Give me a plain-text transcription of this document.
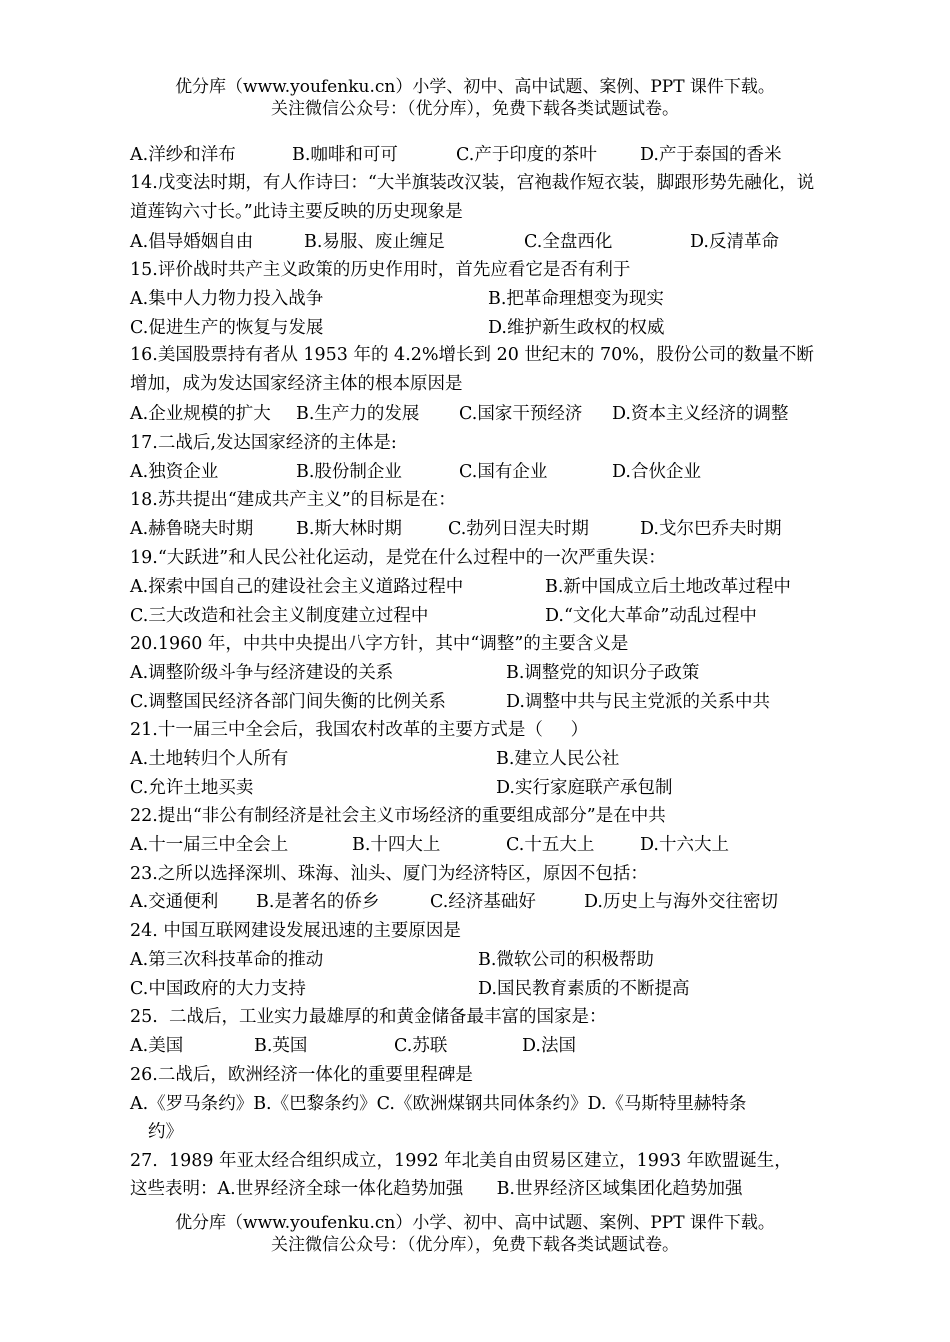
优分库（www.youfenku.cn）小学、初中、高中试题、案例、PPT 课件下载。
关注微信公众号：（优分库），免费下载各类试题试卷。
A.洋纱和洋布	B.咖啡和可可	C.产于印度的茶叶 D.产于泰国的香米
14.戊变法时期，有人作诗曰：“大半旗装改汉装，宫袍裁作短衣装，脚跟形势先融化，说道莲钩六寸长。”此诗主要反映的历史现象是
A.倡导婚姻自由	B.易服、废止缠足	C.全盘西化	D.反清革命
15.评价战时共产主义政策的历史作用时，首先应看它是否有利于
A.集中人力物力投入战争	B.把革命理想变为现实
C.促进生产的恢复与发展	D.维护新生政权的权威
16.美国股票持有者从 1953 年的 4.2%增长到 20 世纪末的 70%，股份公司的数量不断增加，成为发达国家经济主体的根本原因是
A.企业规模的扩大 B.生产力的发展 C.国家干预经济 D.资本主义经济的调整
17.二战后,发达国家经济的主体是:
A.独资企业	B.股份制企业	C.国有企业	D.合伙企业
18.苏共提出“建成共产主义”的目标是在：
A.赫鲁晓夫时期 B.斯大林时期	C.勃列日涅夫时期	D.戈尔巴乔夫时期
19.“大跃进”和人民公社化运动，是党在什么过程中的一次严重失误：
A.探索中国自己的建设社会主义道路过程中	B.新中国成立后土地改革过程中
C.三大改造和社会主义制度建立过程中	D.“文化大革命”动乱过程中
20.1960 年，中共中央提出八字方针，其中“调整”的主要含义是
A.调整阶级斗争与经济建设的关系	B.调整党的知识分子政策
C.调整国民经济各部门间失衡的比例关系	D.调整中共与民主党派的关系中共
21.十一届三中全会后，我国农村改革的主要方式是（     ）
A.土地转归个人所有	B.建立人民公社
C.允许土地买卖	D.实行家庭联产承包制
22.提出“非公有制经济是社会主义市场经济的重要组成部分”是在中共
A.十一届三中全会上	B.十四大上	C.十五大上	D.十六大上
23.之所以选择深圳、珠海、汕头、厦门为经济特区，原因不包括：
A.交通便利 B.是著名的侨乡	C.经济基础好	D.历史上与海外交往密切
24. 中国互联网建设发展迅速的主要原因是
A.第三次科技革命的推动	B.微软公司的积极帮助
C.中国政府的大力支持	D.国民教育素质的不断提高
25.  二战后，工业实力最雄厚的和黄金储备最丰富的国家是：
A.美国	B.英国	C.苏联	D.法国
26.二战后，欧洲经济一体化的重要里程碑是
A.《罗马条约》B.《巴黎条约》C.《欧洲煤钢共同体条约》D.《马斯特里赫特条
约》
27.  1989 年亚太经合组织成立，1992 年北美自由贸易区建立，1993 年欧盟诞生，
这些表明：A.世界经济全球一体化趋势加强      B.世界经济区域集团化趋势加强
优分库（www.youfenku.cn）小学、初中、高中试题、案例、PPT 课件下载。
关注微信公众号：（优分库），免费下载各类试题试卷。
